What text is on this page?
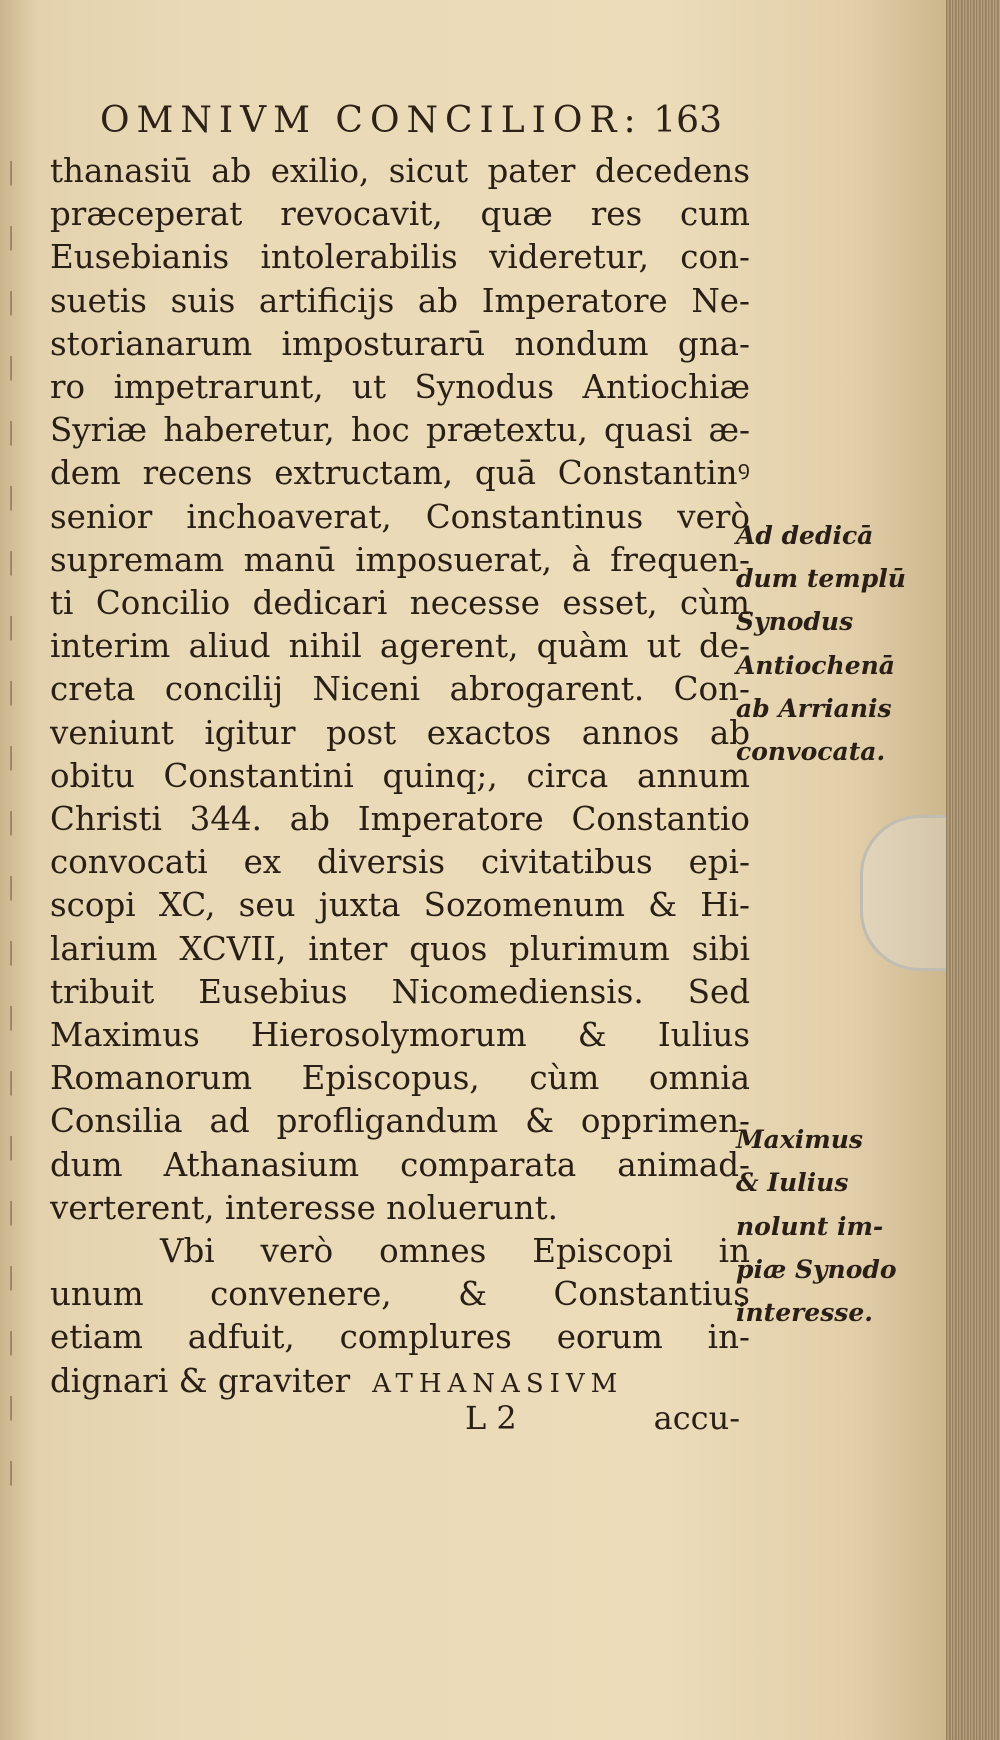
|
|
|
|
|
|
|
|
|
|
|
|
|
|
|
|
|
|
|
|
|
OMNIVM CONCILIOR: 163
thanasiū ab exilio, sicut pater decedens
præceperat revocavit, quæ res cum
Eusebianis intolerabilis videretur, con-
suetis suis artificijs ab Imperatore Ne-
storianarum imposturarū nondum gna-
ro impetrarunt, ut Synodus Antiochiæ
Syriæ haberetur, hoc prætextu, quasi æ-
dem recens extructam, quā Constantinꝰ
senior inchoaverat, Constantinus verò
supremam manū imposuerat, à frequen-
ti Concilio dedicari necesse esset, cùm
interim aliud nihil agerent, quàm ut de-
creta concilij Niceni abrogarent. Con-
veniunt igitur post exactos annos ab
obitu Constantini quinq;, circa annum
Christi 344. ab Imperatore Constantio
convocati ex diversis civitatibus epi-
scopi XC, seu juxta Sozomenum & Hi-
larium XCVII, inter quos plurimum sibi
tribuit Eusebius Nicomediensis. Sed
Maximus Hierosolymorum & Iulius
Romanorum Episcopus, cùm omnia
Consilia ad profligandum & opprimen-
dum Athanasium comparata animad-
verterent, interesse noluerunt.
Vbi verò omnes Episcopi in
unum convenere, & Constantius
etiam adfuit, complures eorum in-
dignari & graviter ATHANASIVM
Ad dedicā
dum templū
Synodus
Antiochenā
ab Arrianis
convocata.
Maximus
& Iulius
nolunt im-
piæ Synodo
interesse.
L 2	accu-
